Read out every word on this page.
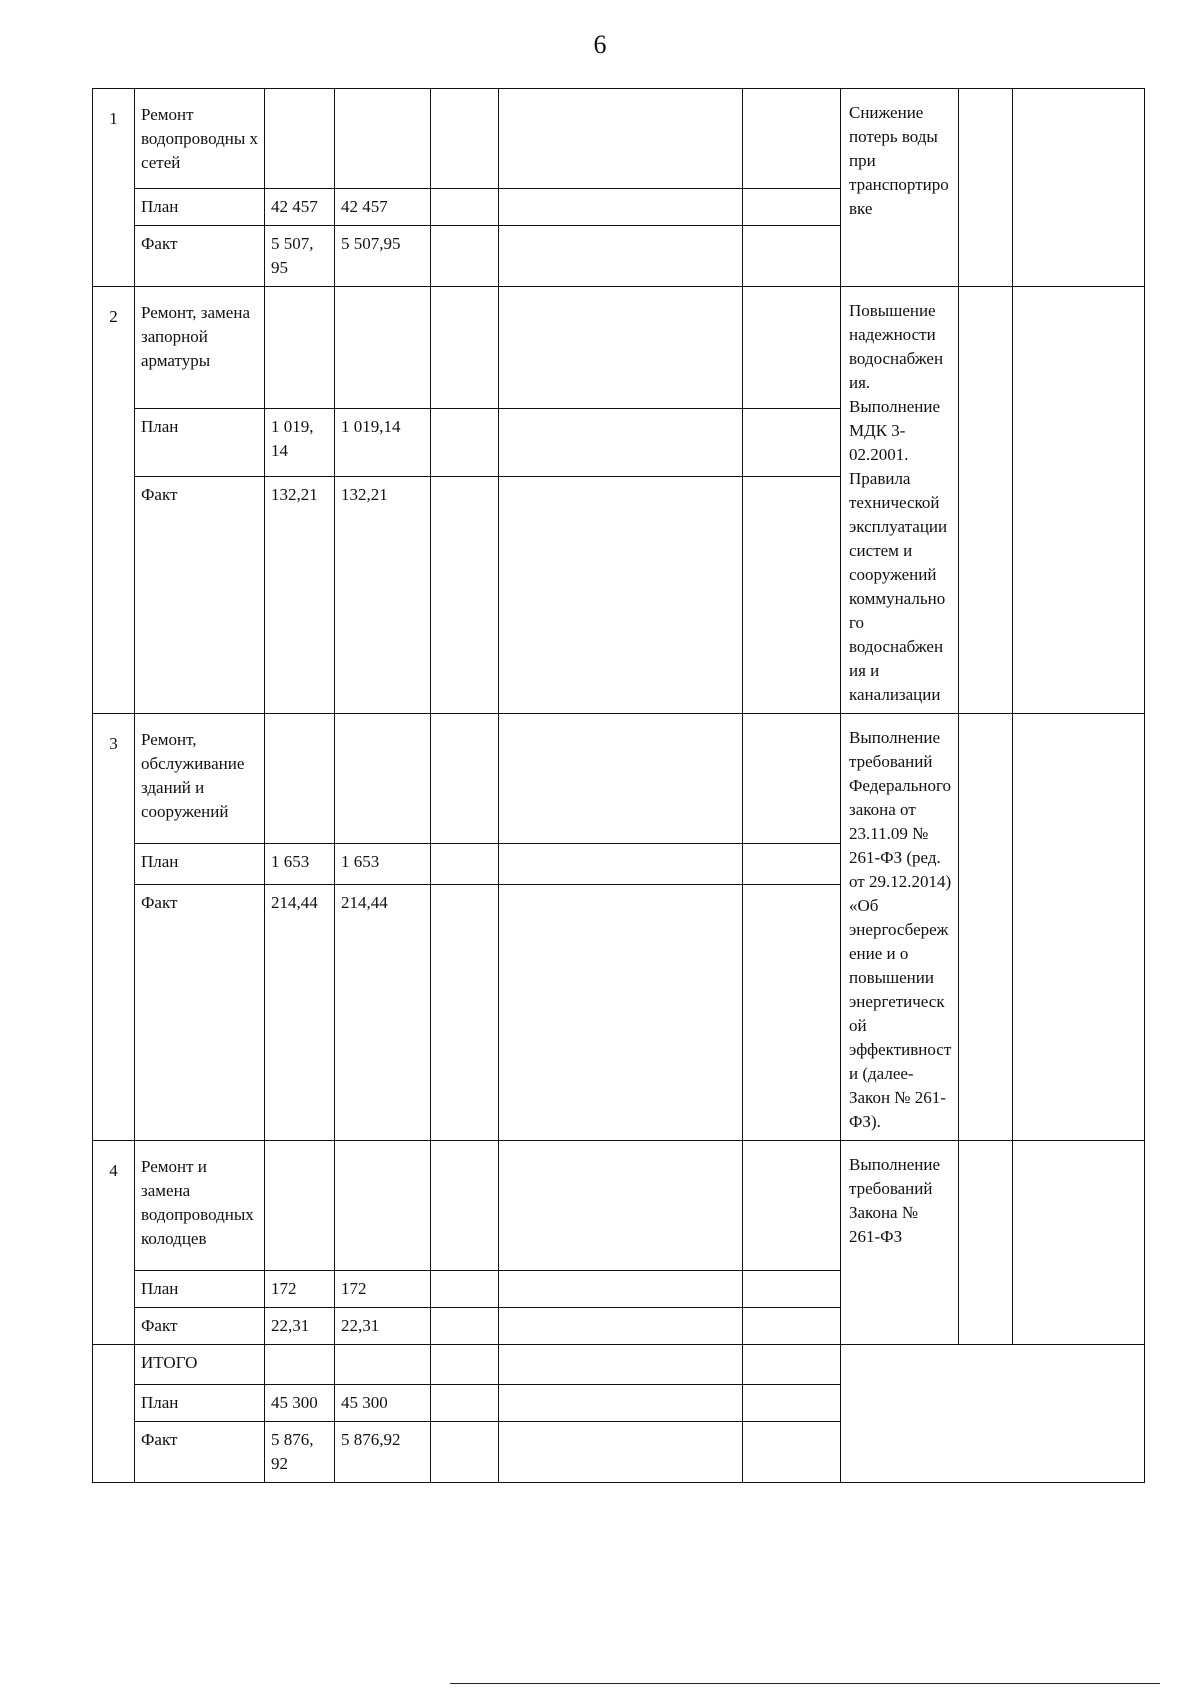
6
1	Ремонт водопроводны х сетей						Снижение потерь воды при транспортиро вке		
	План	42 457	42 457						
	Факт	5 507, 95	5 507,95						
2	Ремонт, замена запорной арматуры						Повышение надежности водоснабжен ия. Выполнение МДК 3-02.2001. Правила технической эксплуатации систем и сооружений коммунально го водоснабжен ия и канализации		
	План	1 019, 14	1 019,14						
	Факт	132,21	132,21						
3	Ремонт, обслуживание зданий и сооружений						Выполнение требований Федерального закона от 23.11.09 № 261-ФЗ (ред. от 29.12.2014) «Об энергосбереж ение и о повышении энергетическ ой эффективност и (далее-Закон № 261-ФЗ).		
	План	1 653	1 653						
	Факт	214,44	214,44						
4	Ремонт и замена водопроводных колодцев						Выполнение требований Закона № 261-ФЗ		
	План	172	172						
	Факт	22,31	22,31						
	ИТОГО								
	План	45 300	45 300						
	Факт	5 876, 92	5 876,92						
